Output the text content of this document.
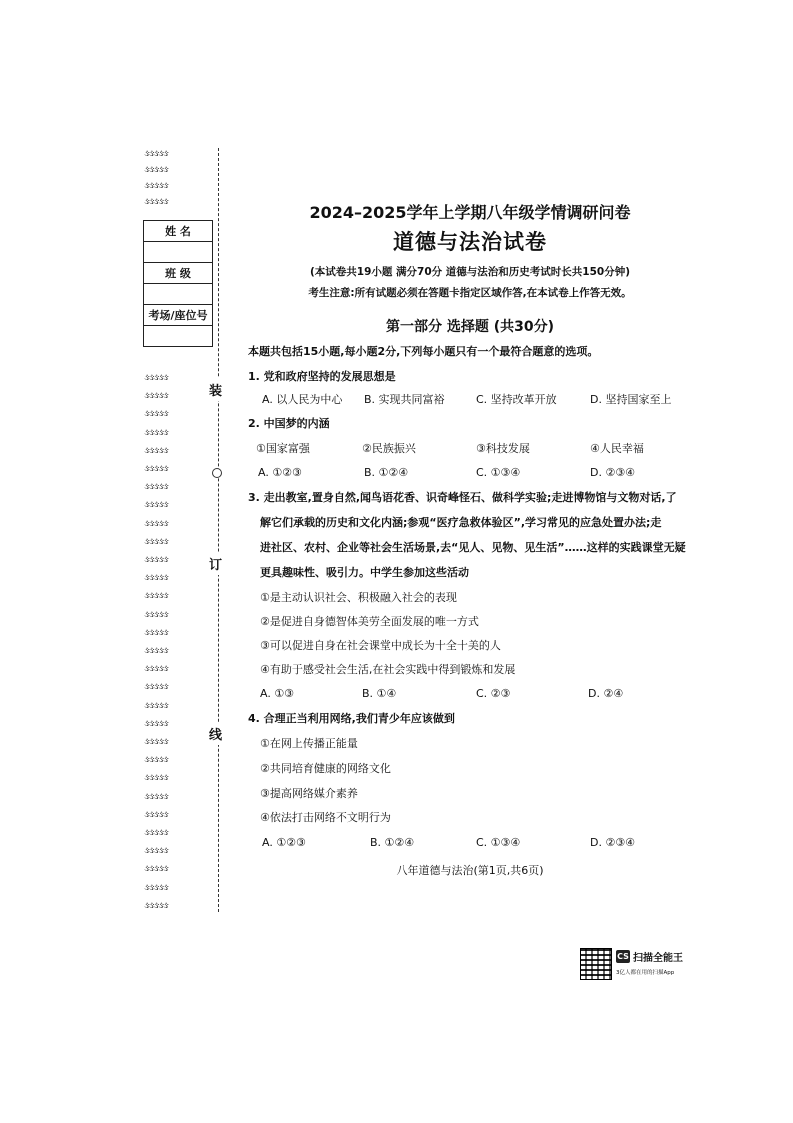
装
订
线
姓 名

班 级

考场/座位号

2024–2025学年上学期八年级学情调研问卷
道德与法治试卷
(本试卷共19小题 满分70分 道德与法治和历史考试时长共150分钟)
考生注意:所有试题必须在答题卡指定区域作答,在本试卷上作答无效。
第一部分 选择题 (共30分)
本题共包括15小题,每小题2分,下列每小题只有一个最符合题意的选项。
1. 党和政府坚持的发展思想是
A. 以人民为中心 B. 实现共同富裕	C. 坚持改革开放	D. 坚持国家至上
2. 中国梦的内涵
①国家富强	②民族振兴	③科技发展	④人民幸福
A. ①②③	B. ①②④	C. ①③④	D. ②③④
3. 走出教室,置身自然,闻鸟语花香、识奇峰怪石、做科学实验;走进博物馆与文物对话,了
解它们承载的历史和文化内涵;参观“医疗急救体验区”,学习常见的应急处置办法;走
进社区、农村、企业等社会生活场景,去“见人、见物、见生活”……这样的实践课堂无疑
更具趣味性、吸引力。中学生参加这些活动
①是主动认识社会、积极融入社会的表现
②是促进自身德智体美劳全面发展的唯一方式
③可以促进自身在社会课堂中成长为十全十美的人
④有助于感受社会生活,在社会实践中得到锻炼和发展
A. ①③	B. ①④	C. ②③	D. ②④
4. 合理正当利用网络,我们青少年应该做到
①在网上传播正能量
②共同培育健康的网络文化
③提高网络媒介素养
④依法打击网络不文明行为
A. ①②③	B. ①②④	C. ①③④	D. ②③④
八年道德与法治(第1页,共6页)
CS 扫描全能王
3亿人都在用的扫描App
ઙઙઙઙઙ
ઙઙઙઙઙ
ઙઙઙઙઙ
ઙઙઙઙઙ
ઙઙઙઙઙ
ઙઙઙઙઙ
ઙઙઙઙઙ
ઙઙઙઙઙ
ઙઙઙઙઙ
ઙઙઙઙઙ
ઙઙઙઙઙ
ઙઙઙઙઙ
ઙઙઙઙઙ
ઙઙઙઙઙ
ઙઙઙઙઙ
ઙઙઙઙઙ
ઙઙઙઙઙ
ઙઙઙઙઙ
ઙઙઙઙઙ
ઙઙઙઙઙ
ઙઙઙઙઙ
ઙઙઙઙઙ
ઙઙઙઙઙ
ઙઙઙઙઙ
ઙઙઙઙઙ
ઙઙઙઙઙ
ઙઙઙઙઙ
ઙઙઙઙઙ
ઙઙઙઙઙ
ઙઙઙઙઙ
ઙઙઙઙઙ
ઙઙઙઙઙ
ઙઙઙઙઙ
ઙઙઙઙઙ
